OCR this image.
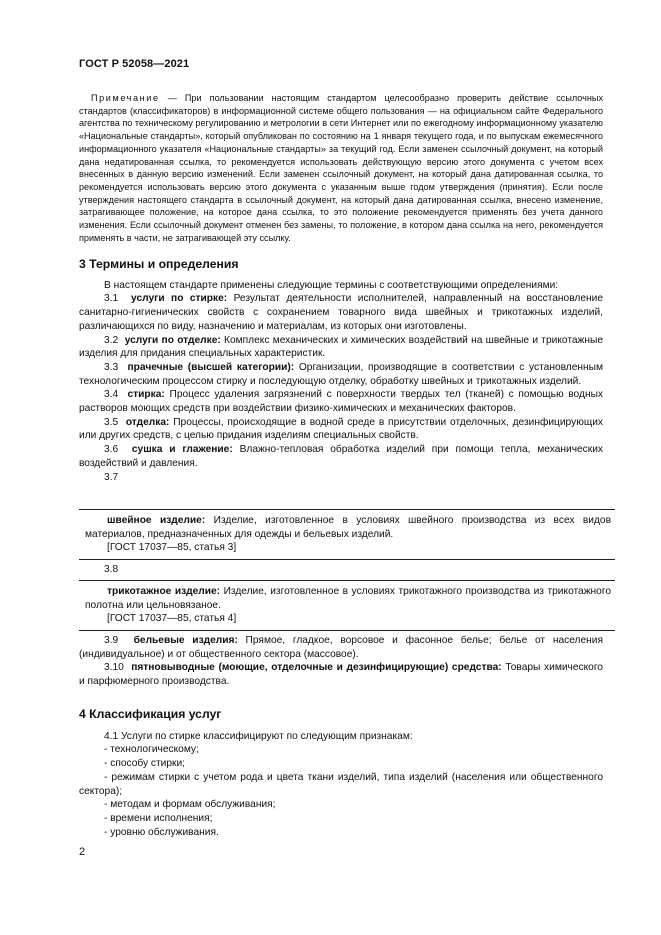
ГОСТ Р 52058—2021

Примечание — При пользовании настоящим стандартом целесообразно проверить действие ссылочных стандартов (классификаторов) в информационной системе общего пользования — на официальном сайте Федерального агентства по техническому регулированию и метрологии в сети Интернет или по ежегодному информационному указателю «Национальные стандарты», который опубликован по состоянию на 1 января текущего года, и по выпускам ежемесячного информационного указателя «Национальные стандарты» за текущий год. Если заменен ссылочный документ, на который дана недатированная ссылка, то рекомендуется использовать действующую версию этого документа с учетом всех внесенных в данную версию изменений. Если заменен ссылочный документ, на который дана датированная ссылка, то рекомендуется использовать версию этого документа с указанным выше годом утверждения (принятия). Если после утверждения настоящего стандарта в ссылочный документ, на который дана датированная ссылка, внесено изменение, затрагивающее положение, на которое дана ссылка, то это положение рекомендуется применять без учета данного изменения. Если ссылочный документ отменен без замены, то положение, в котором дана ссылка на него, рекомендуется применять в части, не затрагивающей эту ссылку.

3 Термины и определения

В настоящем стандарте применены следующие термины с соответствующими определениями:

3.1 услуги по стирке: Результат деятельности исполнителей, направленный на восстановление санитарно-гигиенических свойств с сохранением товарного вида швейных и трикотажных изделий, различающихся по виду, назначению и материалам, из которых они изготовлены.

3.2 услуги по отделке: Комплекс механических и химических воздействий на швейные и трикотажные изделия для придания специальных характеристик.

3.3 прачечные (высшей категории): Организации, производящие в соответствии с установленным технологическим процессом стирку и последующую отделку, обработку швейных и трикотажных изделий.

3.4 стирка: Процесс удаления загрязнений с поверхности твердых тел (тканей) с помощью водных растворов моющих средств при воздействии физико-химических и механических факторов.

3.5 отделка: Процессы, происходящие в водной среде в присутствии отделочных, дезинфицирующих или других средств, с целью придания изделиям специальных свойств.

3.6 сушка и глажение: Влажно-тепловая обработка изделий при помощи тепла, механических воздействий и давления.

3.7

швейное изделие: Изделие, изготовленное в условиях швейного производства из всех видов материалов, предназначенных для одежды и бельевых изделий.

[ГОСТ 17037—85, статья 3]

3.8

трикотажное изделие: Изделие, изготовленное в условиях трикотажного производства из трикотажного полотна или цельновязаное.

[ГОСТ 17037—85, статья 4]

3.9 бельевые изделия: Прямое, гладкое, ворсовое и фасонное белье; белье от населения (индивидуальное) и от общественного сектора (массовое).

3.10 пятновыводные (моющие, отделочные и дезинфицирующие) средства: Товары химического и парфюмерного производства.

4 Классификация услуг

4.1 Услуги по стирке классифицируют по следующим признакам:

- технологическому;

- способу стирки;

- режимам стирки с учетом рода и цвета ткани изделий, типа изделий (населения или общественного сектора);

- методам и формам обслуживания;

- времени исполнения;

- уровню обслуживания.

2
